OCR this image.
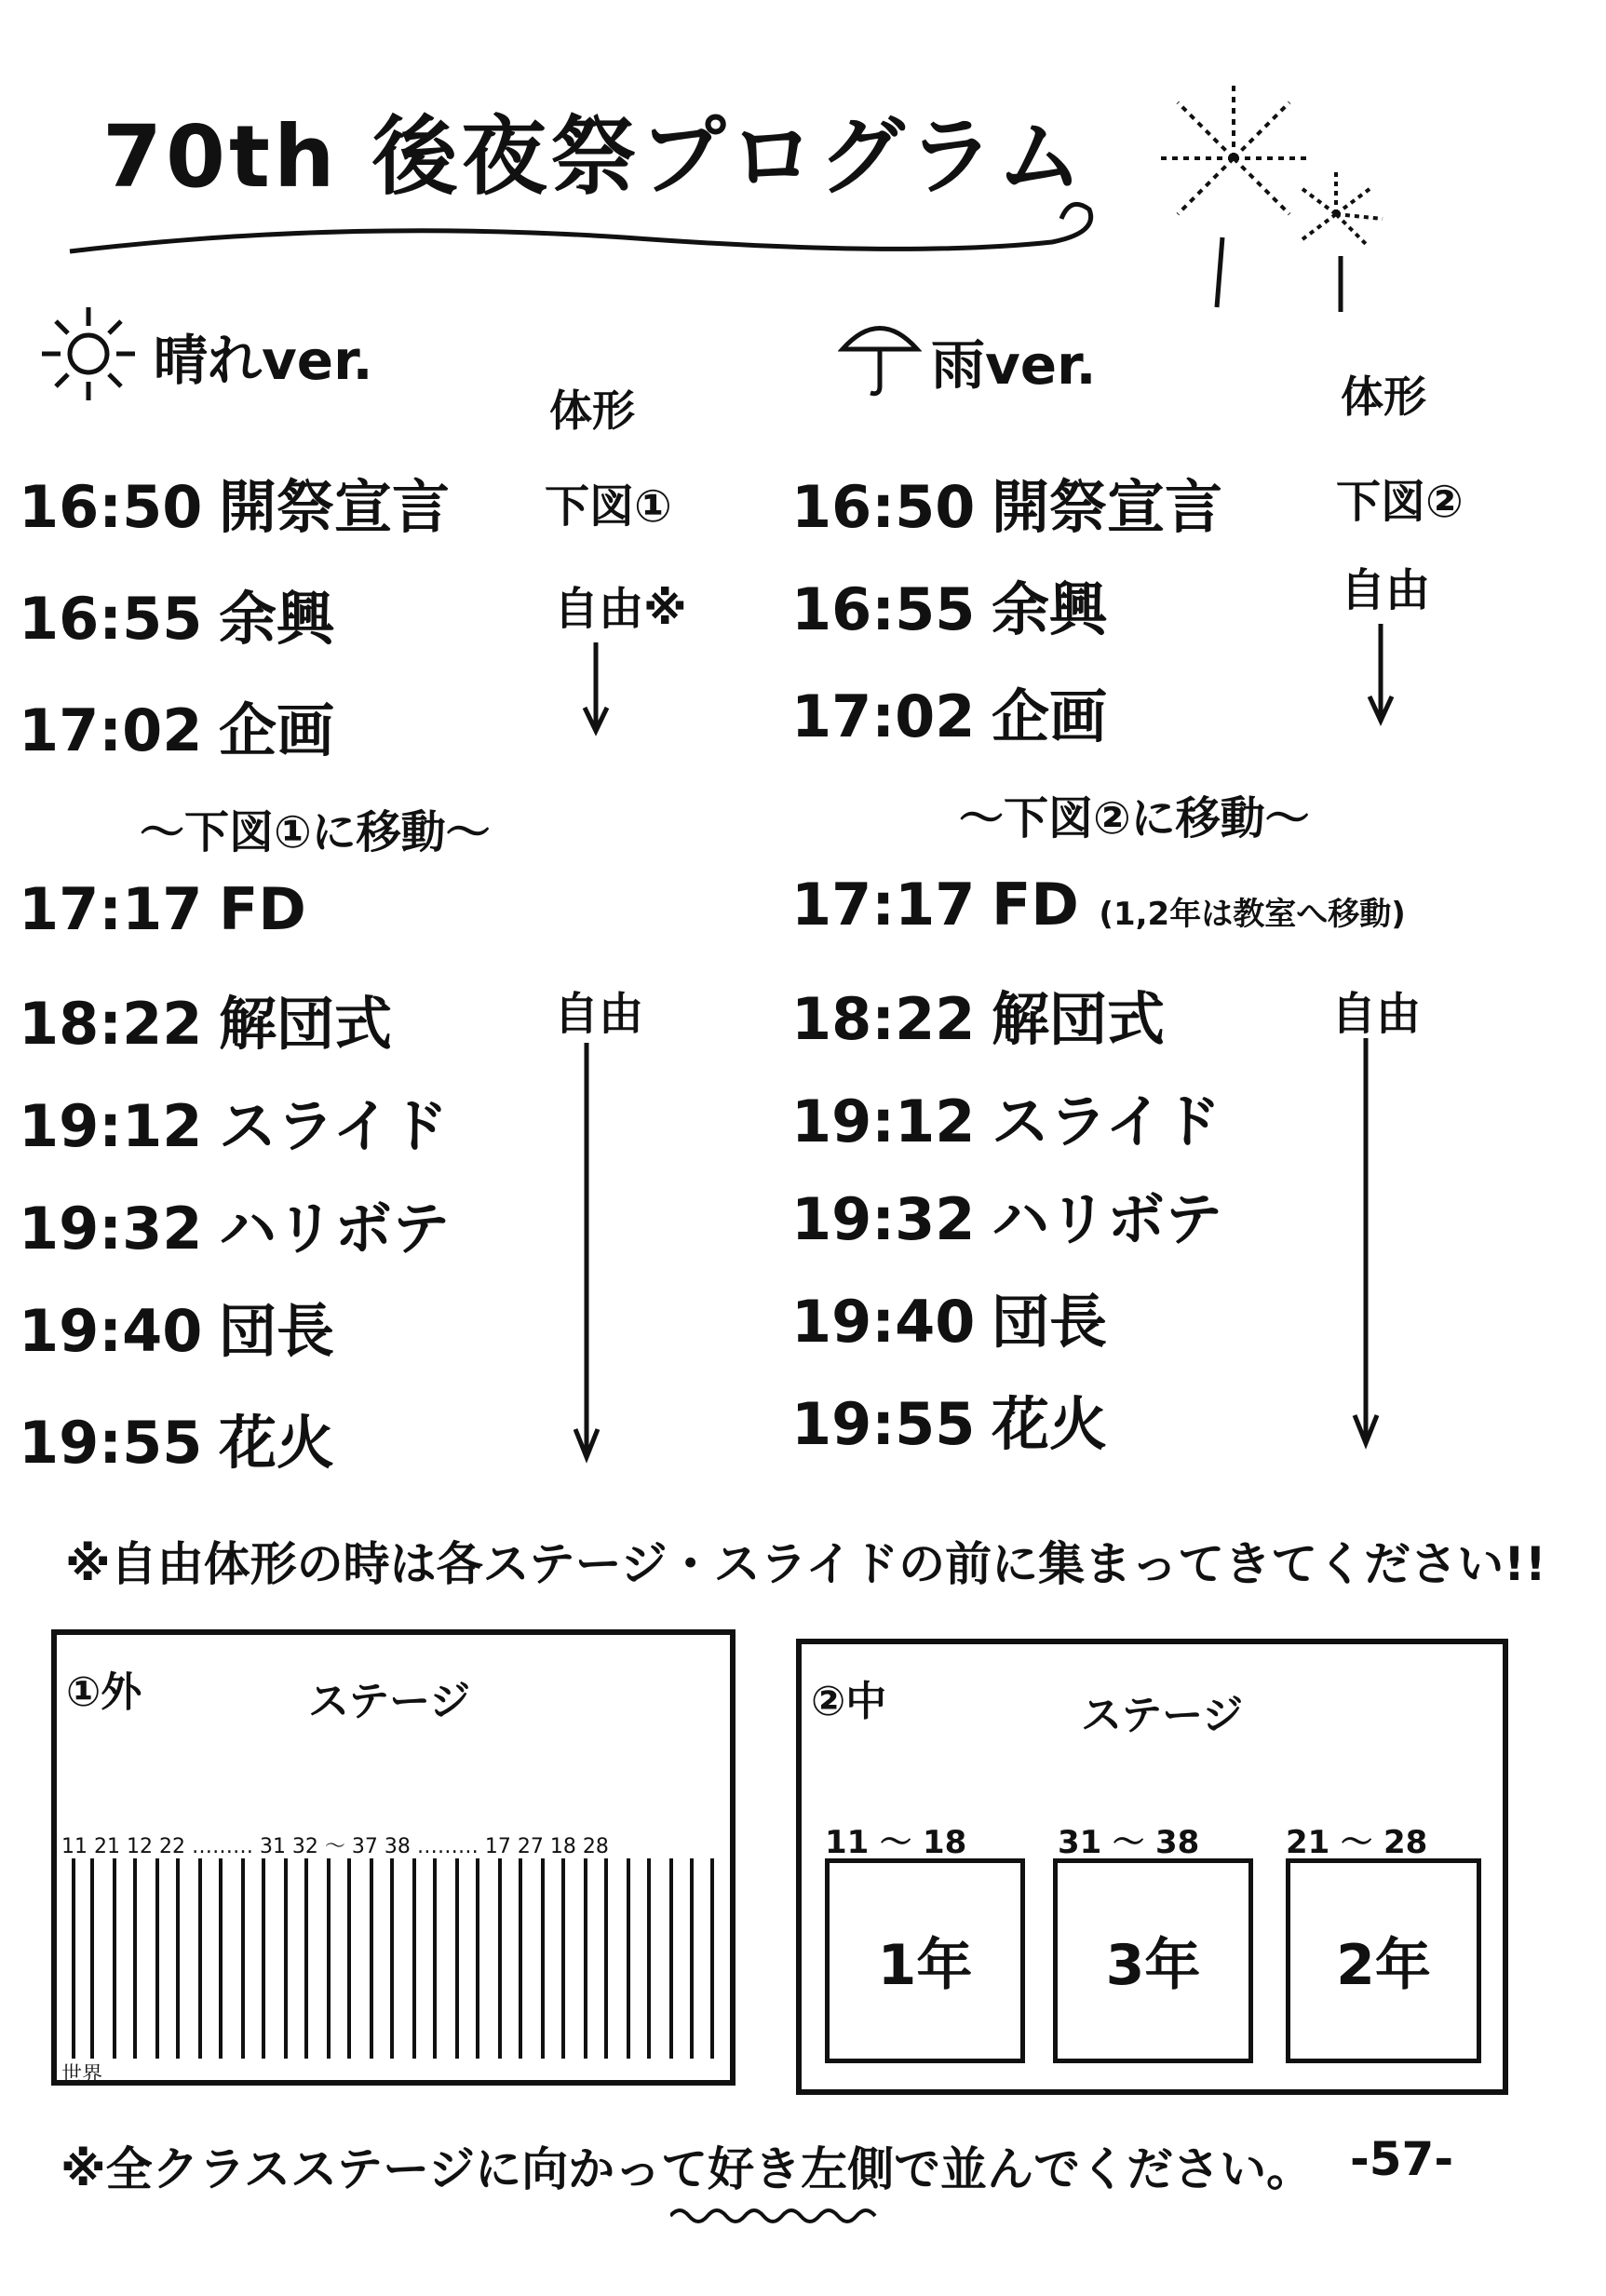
70th 後夜祭プログラム
晴れver.
体形
16:50 開祭宣言
16:55 余興
17:02 企画
下図①
自由※
〜下図①に移動〜
17:17 FD
18:22 解団式
19:12 スライド
19:32 ハリボテ
19:40 団長
19:55 花火
自由
雨ver.	体形
16:50 開祭宣言
16:55 余興
17:02 企画
下図②
自由
〜下図②に移動〜
17:17 FD (1,2年は教室へ移動)
18:22 解団式
19:12 スライド
19:32 ハリボテ
19:40 団長
19:55 花火
自由
※自由体形の時は各ステージ・スライドの前に集まってきてください!!
①外	ステージ
11 21 12 22 ……… 31 32 〜 37 38 ……… 17 27 18 28
世界
②中	ステージ
11 〜 18
1年
31 〜 38
3年
21 〜 28
2年
※全クラスステージに向かって好き左側で並んでください。 -57-
